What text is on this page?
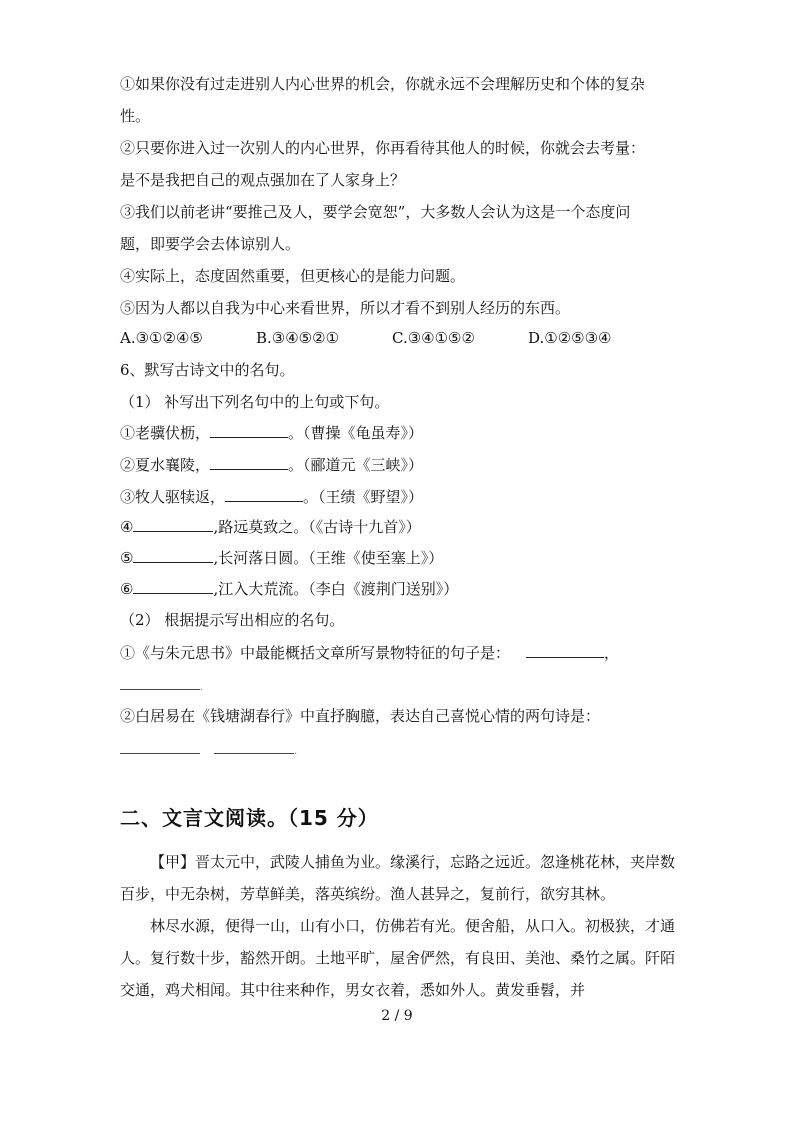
①如果你没有过走进别人内心世界的机会，你就永远不会理解历史和个体的复杂
性。
②只要你进入过一次别人的内心世界，你再看待其他人的时候，你就会去考量：
是不是我把自己的观点强加在了人家身上？
③我们以前老讲“要推己及人，要学会宽恕”，大多数人会认为这是一个态度问
题，即要学会去体谅别人。
④实际上，态度固然重要，但更核心的是能力问题。
⑤因为人都以自我为中心来看世界，所以才看不到别人经历的东西。
A.③①②④⑤	B.③④⑤②①	C.③④①⑤②	D.①②⑤③④
6、默写古诗文中的名句。
（1） 补写出下列名句中的上句或下句。
①老骥伏枥，	。（曹操《龟虽寿》）
②夏水襄陵，	。（郦道元《三峡》）
③牧人驱犊返，	。（王绩《野望》）
④	,路远莫致之。（《古诗十九首》）
⑤	,长河落日圆。（王维《使至塞上》）
⑥	,江入大荒流。（李白《渡荆门送别》）
（2） 根据提示写出相应的名句。
①《与朱元思书》中最能概括文章所写景物特征的句子是：	，
.
②白居易在《钱塘湖春行》中直抒胸臆，表达自己喜悦心情的两句诗是：
.
二、文言文阅读。（15 分）
【甲】晋太元中，武陵人捕鱼为业。缘溪行，忘路之远近。忽逢桃花林，夹岸数百步，中无杂树，芳草鲜美，落英缤纷。渔人甚异之，复前行，欲穷其林。
林尽水源，便得一山，山有小口，仿佛若有光。便舍船，从口入。初极狭，才通人。复行数十步，豁然开朗。土地平旷，屋舍俨然，有良田、美池、桑竹之属。阡陌交通，鸡犬相闻。其中往来种作，男女衣着，悉如外人。黄发垂髫，并
2 / 9
